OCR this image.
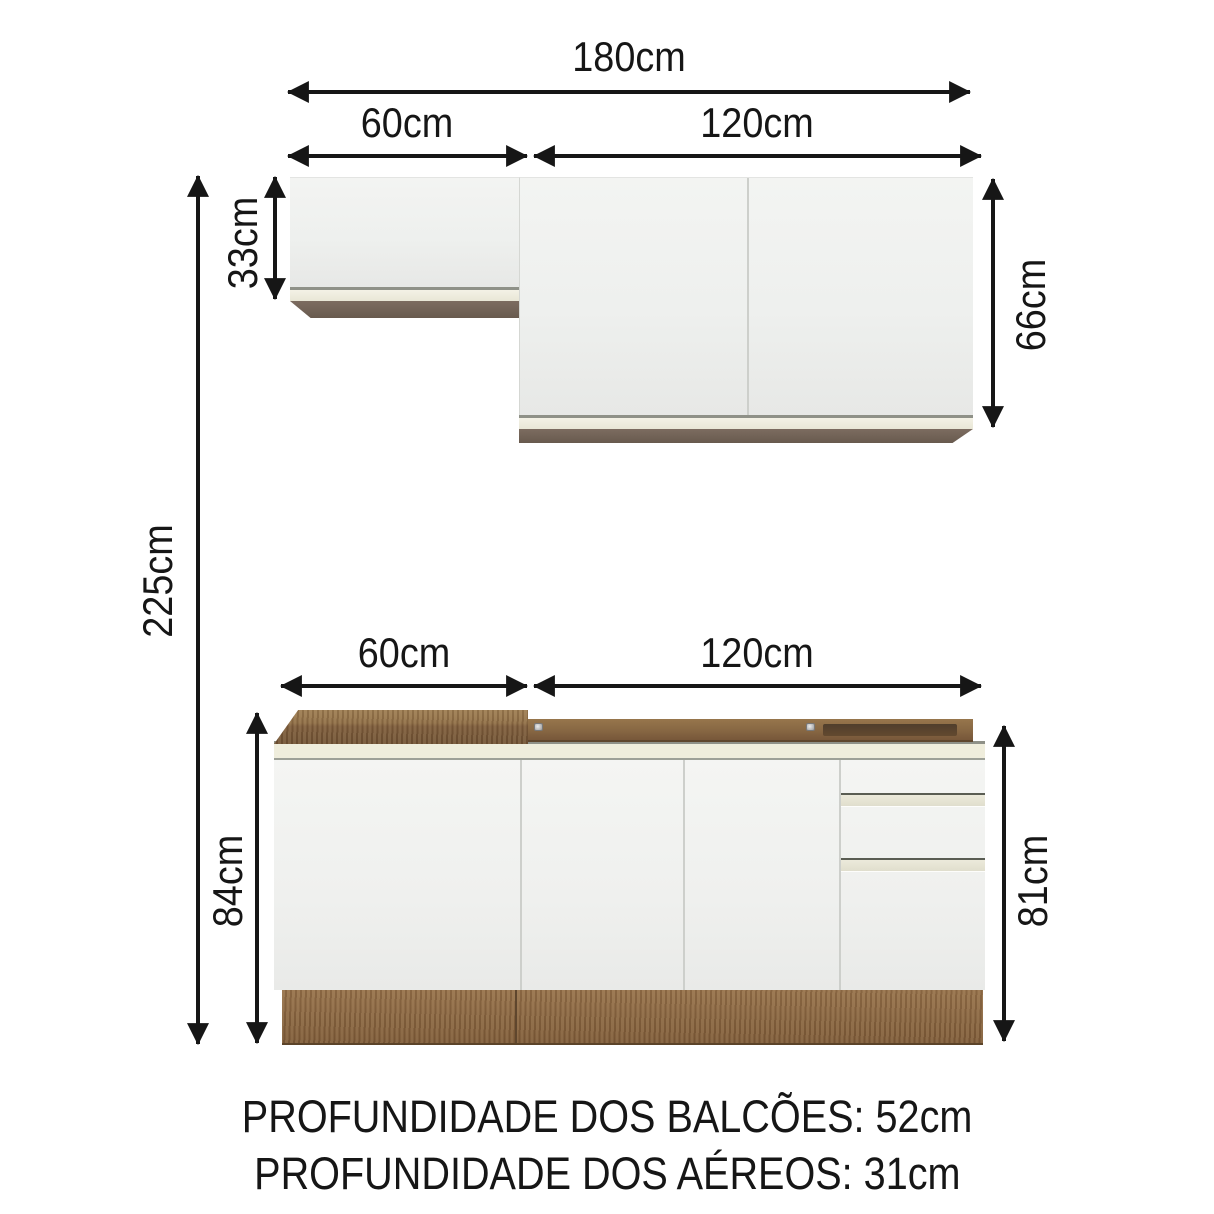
180cm
60cm	120cm
33cm
66cm
225cm
60cm	120cm
84cm	81cm
PROFUNDIDADE DOS BALCÕES: 52cm
PROFUNDIDADE DOS AÉREOS: 31cm
